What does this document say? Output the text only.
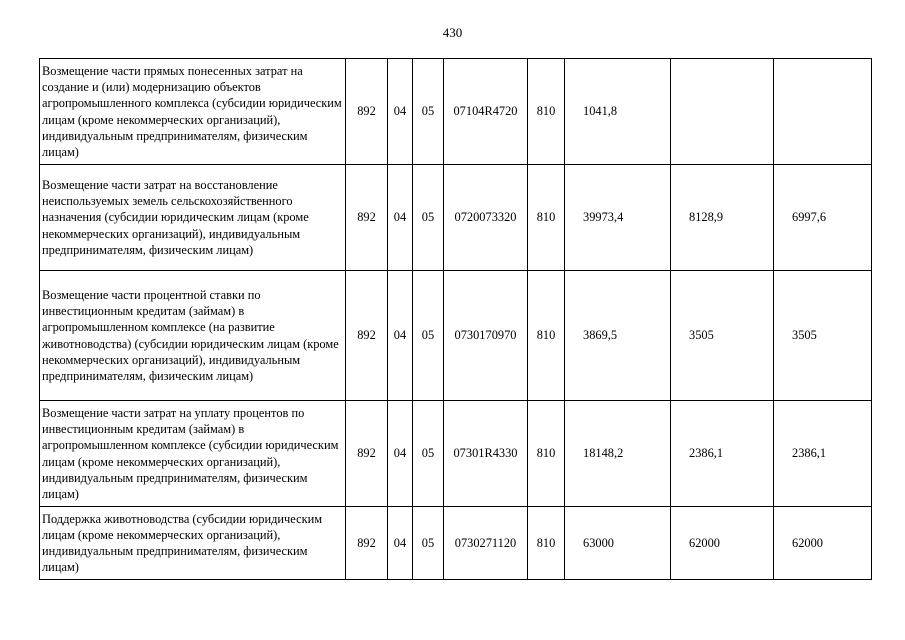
430
Возмещение части прямых понесенных затрат на создание и (или) модернизацию объектов агропромышленного комплекса (субсидии юридическим лицам (кроме некоммерческих организаций), индивидуальным предпринимателям, физическим лицам)	892	04	05	07104R4720	810	1041,8		
Возмещение части затрат на восстановление неиспользуемых земель сельскохозяйственного назначения (субсидии юридическим лицам (кроме некоммерческих организаций), индивидуальным предпринимателям, физическим лицам)	892	04	05	0720073320	810	39973,4	8128,9	6997,6
Возмещение части процентной ставки по инвестиционным кредитам (займам) в агропромышленном комплексе (на развитие животноводства) (субсидии юридическим лицам (кроме некоммерческих организаций), индивидуальным предпринимателям, физическим лицам)	892	04	05	0730170970	810	3869,5	3505	3505
Возмещение части затрат на уплату процентов по инвестиционным кредитам (займам) в агропромышленном комплексе (субсидии юридическим лицам (кроме некоммерческих организаций), индивидуальным предпринимателям, физическим лицам)	892	04	05	07301R4330	810	18148,2	2386,1	2386,1
Поддержка животноводства (субсидии юридическим лицам (кроме некоммерческих организаций), индивидуальным предпринимателям, физическим лицам)	892	04	05	0730271120	810	63000	62000	62000
